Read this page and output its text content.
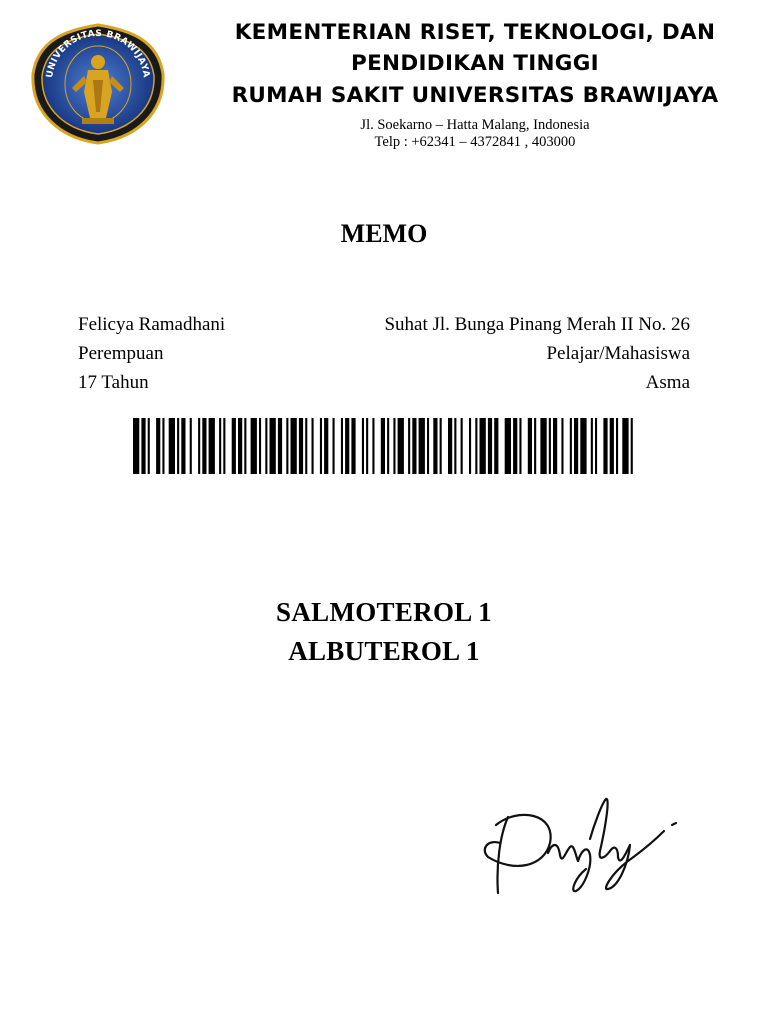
UNIVERSITAS BRAWIJAYA
KEMENTERIAN RISET, TEKNOLOGI, DAN
PENDIDIKAN TINGGI
RUMAH SAKIT UNIVERSITAS BRAWIJAYA
Jl. Soekarno – Hatta Malang, Indonesia
Telp : +62341 – 4372841 , 403000
MEMO
Felicya Ramadhani
Perempuan
17 Tahun
Suhat Jl. Bunga Pinang Merah II No. 26
Pelajar/Mahasiswa
Asma
SALMOTEROL 1
ALBUTEROL 1
